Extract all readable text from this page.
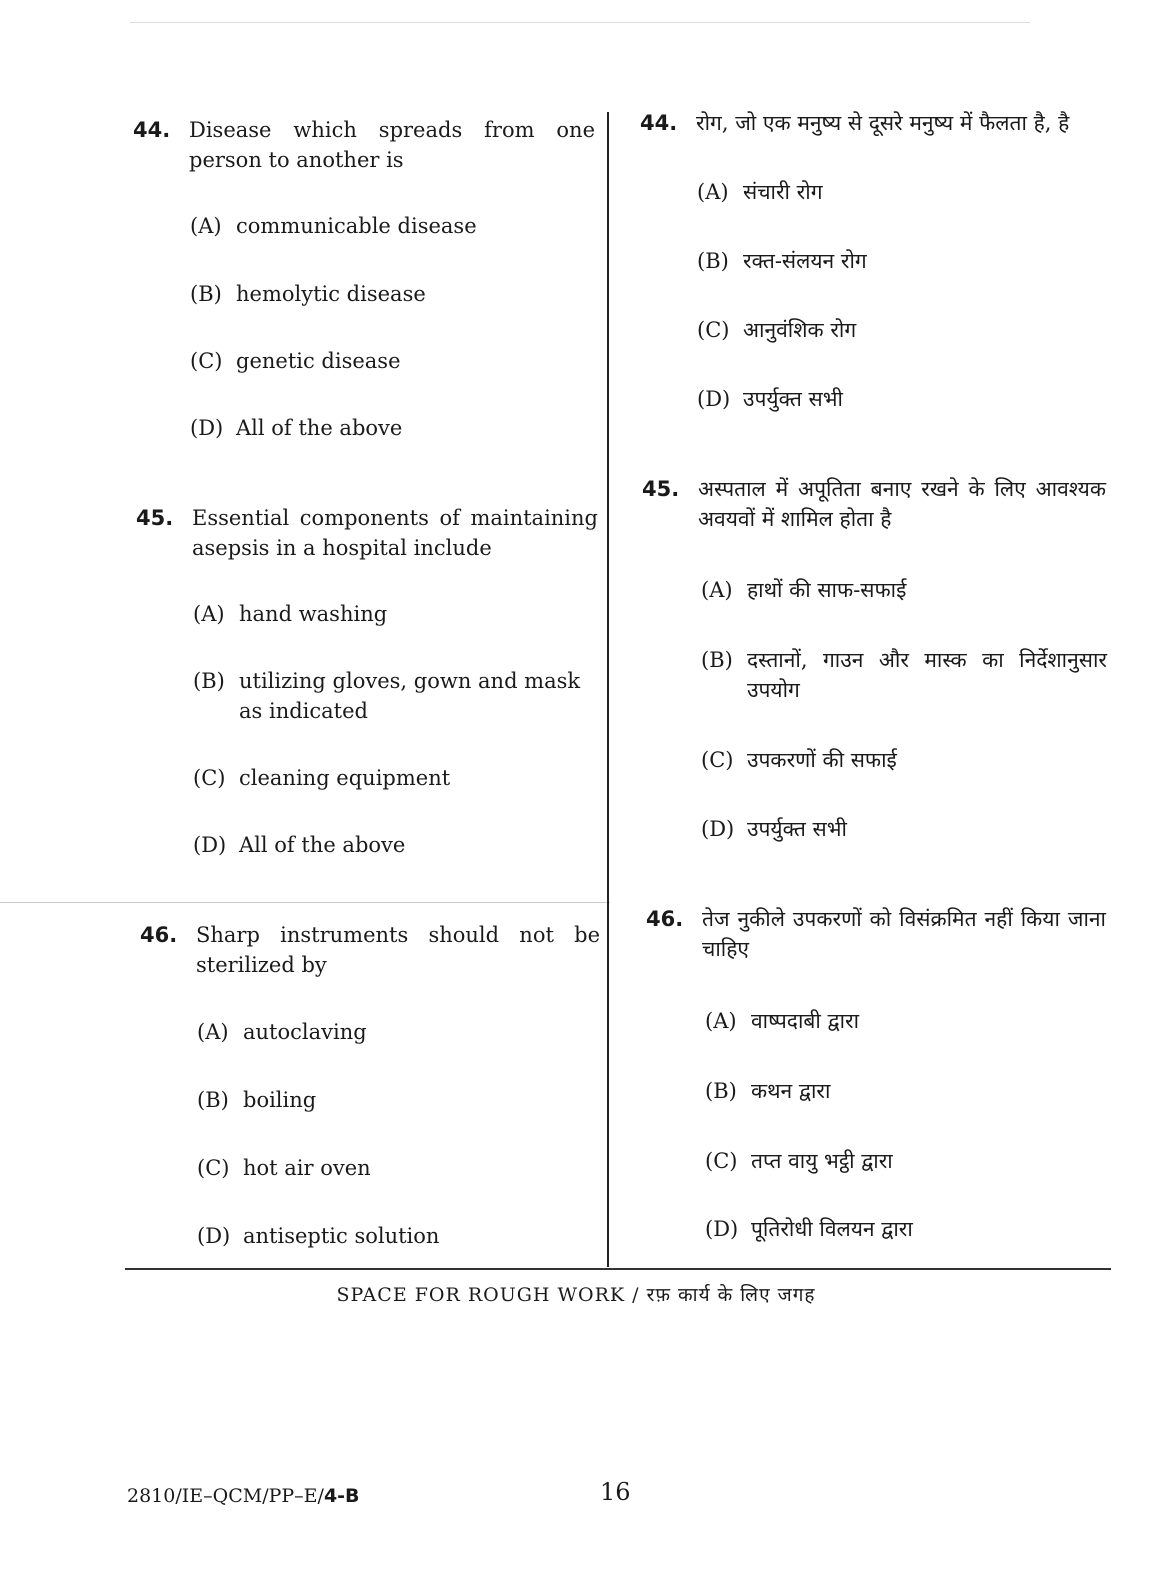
44. Disease which spreads from one person to another is
(A) communicable disease
(B) hemolytic disease
(C) genetic disease
(D) All of the above
45. Essential components of maintaining asepsis in a hospital include
(A) hand washing
(B) utilizing gloves, gown and mask as indicated
(C) cleaning equipment
(D) All of the above
46. Sharp instruments should not be sterilized by
(A) autoclaving
(B) boiling
(C) hot air oven
(D) antiseptic solution
44. रोग, जो एक मनुष्य से दूसरे मनुष्य में फैलता है, है
(A) संचारी रोग
(B) रक्त-संलयन रोग
(C) आनुवंशिक रोग
(D) उपर्युक्त सभी
45. अस्पताल में अपूतिता बनाए रखने के लिए आवश्यक अवयवों में शामिल होता है
(A) हाथों की साफ-सफाई
(B) दस्तानों, गाउन और मास्क का निर्देशानुसार उपयोग
(C) उपकरणों की सफाई
(D) उपर्युक्त सभी
46. तेज नुकीले उपकरणों को विसंक्रमित नहीं किया जाना चाहिए
(A) वाष्पदाबी द्वारा
(B) कथन द्वारा
(C) तप्त वायु भट्ठी द्वारा
(D) पूतिरोधी विलयन द्वारा
SPACE FOR ROUGH WORK / रफ़ कार्य के लिए जगह
2810/IE–QCM/PP–E/4-B	16
